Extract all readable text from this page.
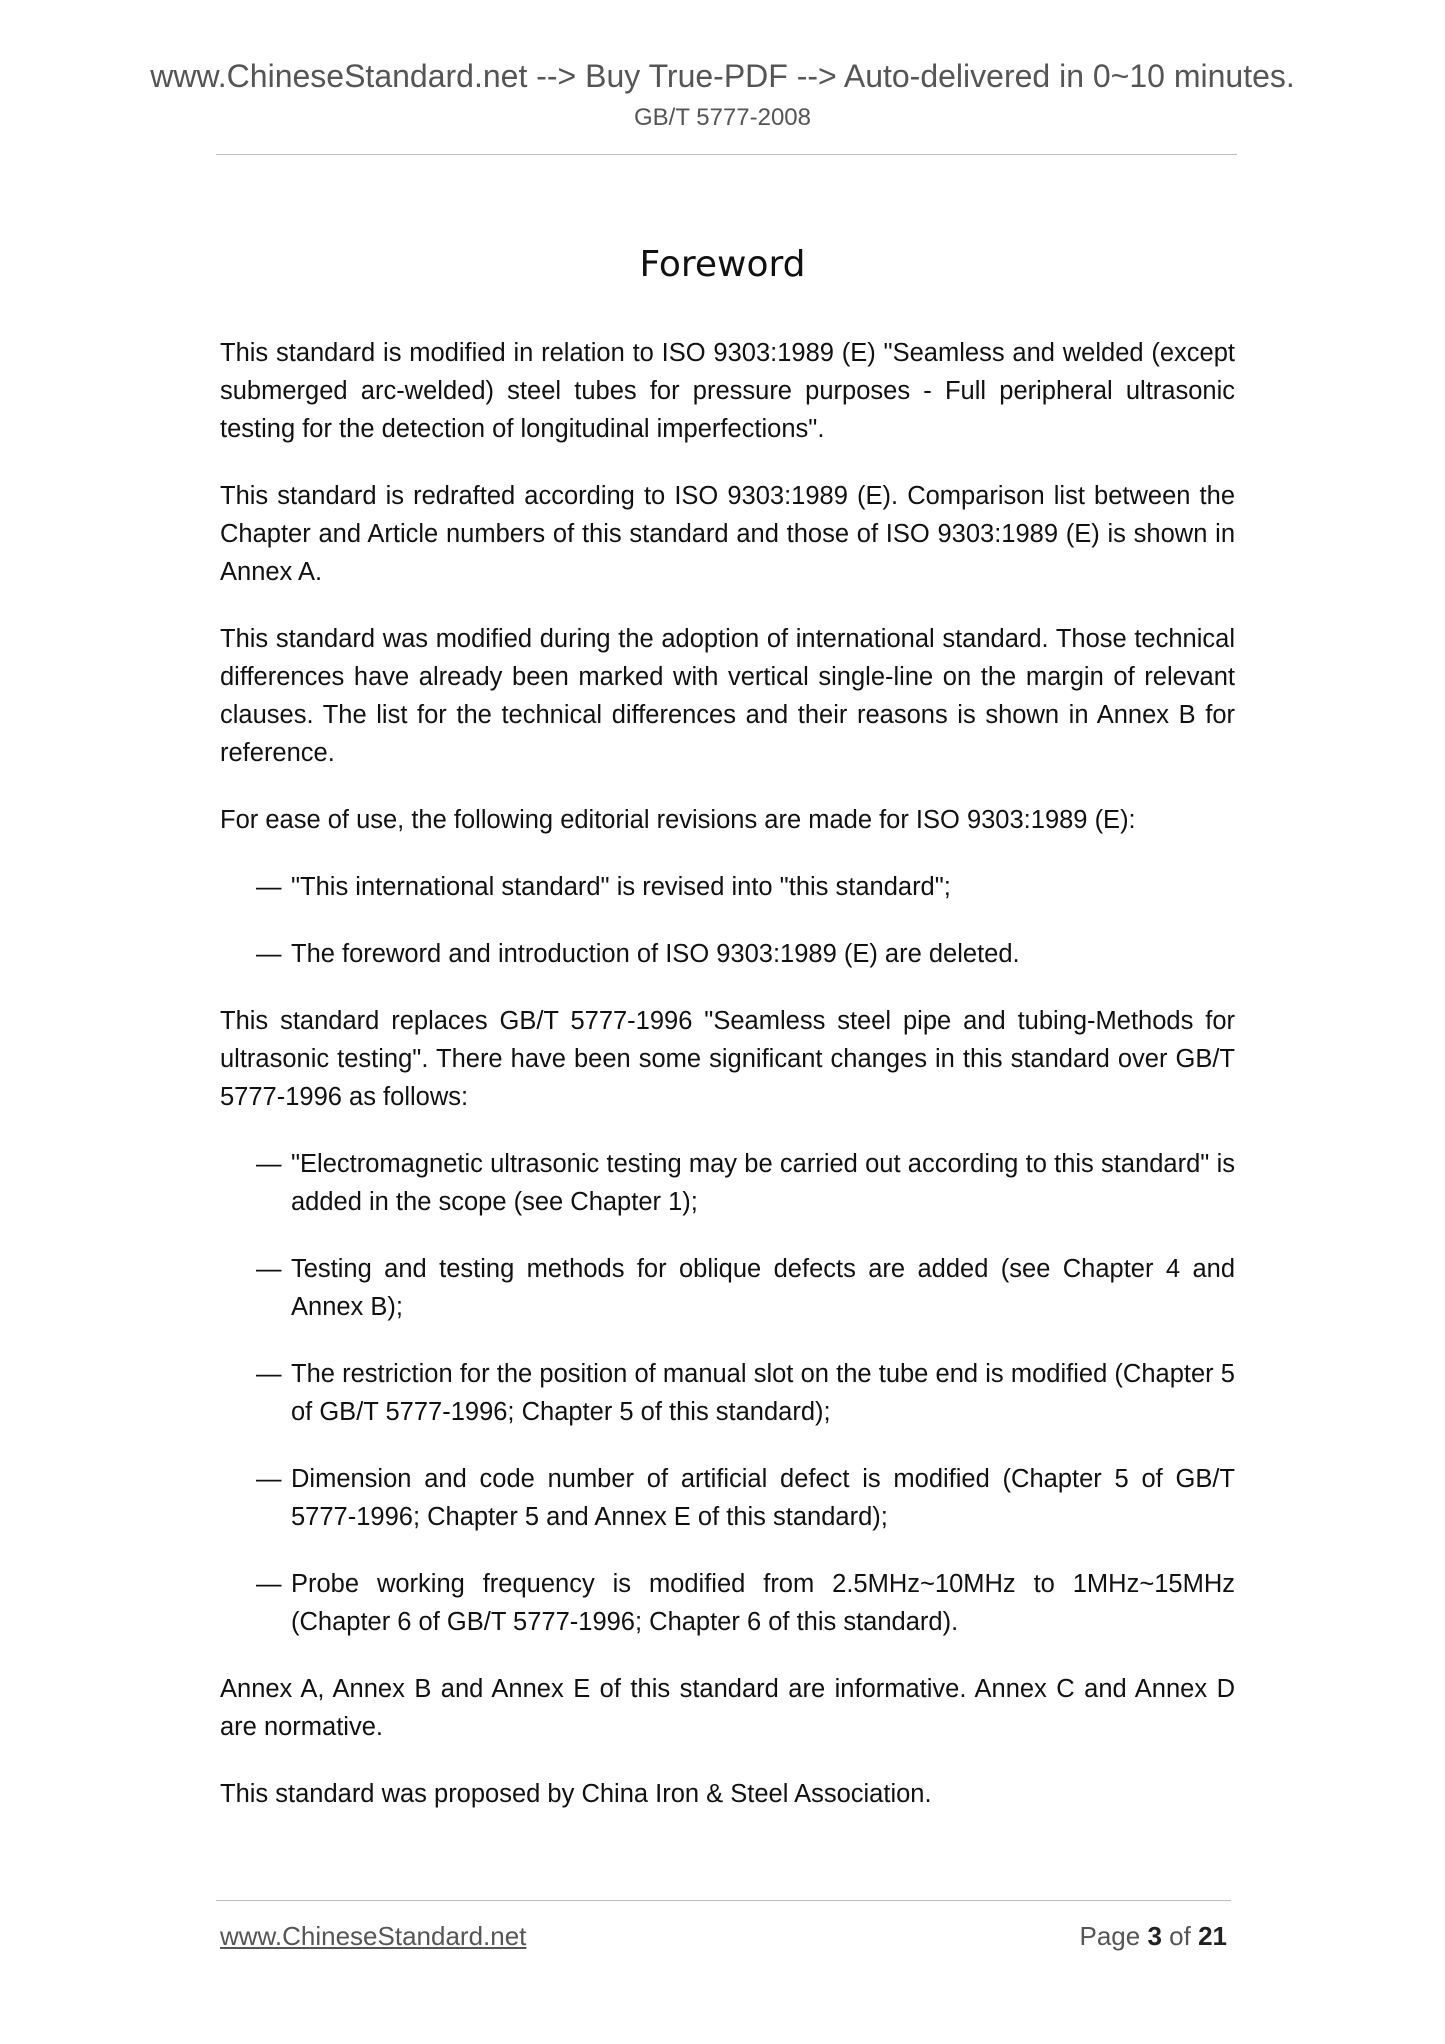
www.ChineseStandard.net --> Buy True-PDF --> Auto-delivered in 0~10 minutes.
GB/T 5777-2008
Foreword

This standard is modified in relation to ISO 9303:1989 (E) "Seamless and welded (except submerged arc-welded) steel tubes for pressure purposes - Full peripheral ultrasonic testing for the detection of longitudinal imperfections".

This standard is redrafted according to ISO 9303:1989 (E). Comparison list between the Chapter and Article numbers of this standard and those of ISO 9303:1989 (E) is shown in Annex A.

This standard was modified during the adoption of international standard. Those technical differences have already been marked with vertical single-line on the margin of relevant clauses. The list for the technical differences and their reasons is shown in Annex B for reference.

For ease of use, the following editorial revisions are made for ISO 9303:1989 (E):

— "This international standard" is revised into "this standard";
— The foreword and introduction of ISO 9303:1989 (E) are deleted.

This standard replaces GB/T 5777-1996 "Seamless steel pipe and tubing-Methods for ultrasonic testing". There have been some significant changes in this standard over GB/T 5777-1996 as follows:

— "Electromagnetic ultrasonic testing may be carried out according to this standard" is added in the scope (see Chapter 1);
— Testing and testing methods for oblique defects are added (see Chapter 4 and Annex B);
— The restriction for the position of manual slot on the tube end is modified (Chapter 5 of GB/T 5777-1996; Chapter 5 of this standard);
— Dimension and code number of artificial defect is modified (Chapter 5 of GB/T 5777-1996; Chapter 5 and Annex E of this standard);
— Probe working frequency is modified from 2.5MHz~10MHz to 1MHz~15MHz (Chapter 6 of GB/T 5777-1996; Chapter 6 of this standard).

Annex A, Annex B and Annex E of this standard are informative. Annex C and Annex D are normative.

This standard was proposed by China Iron & Steel Association.

www.ChineseStandard.net	Page 3 of 21
